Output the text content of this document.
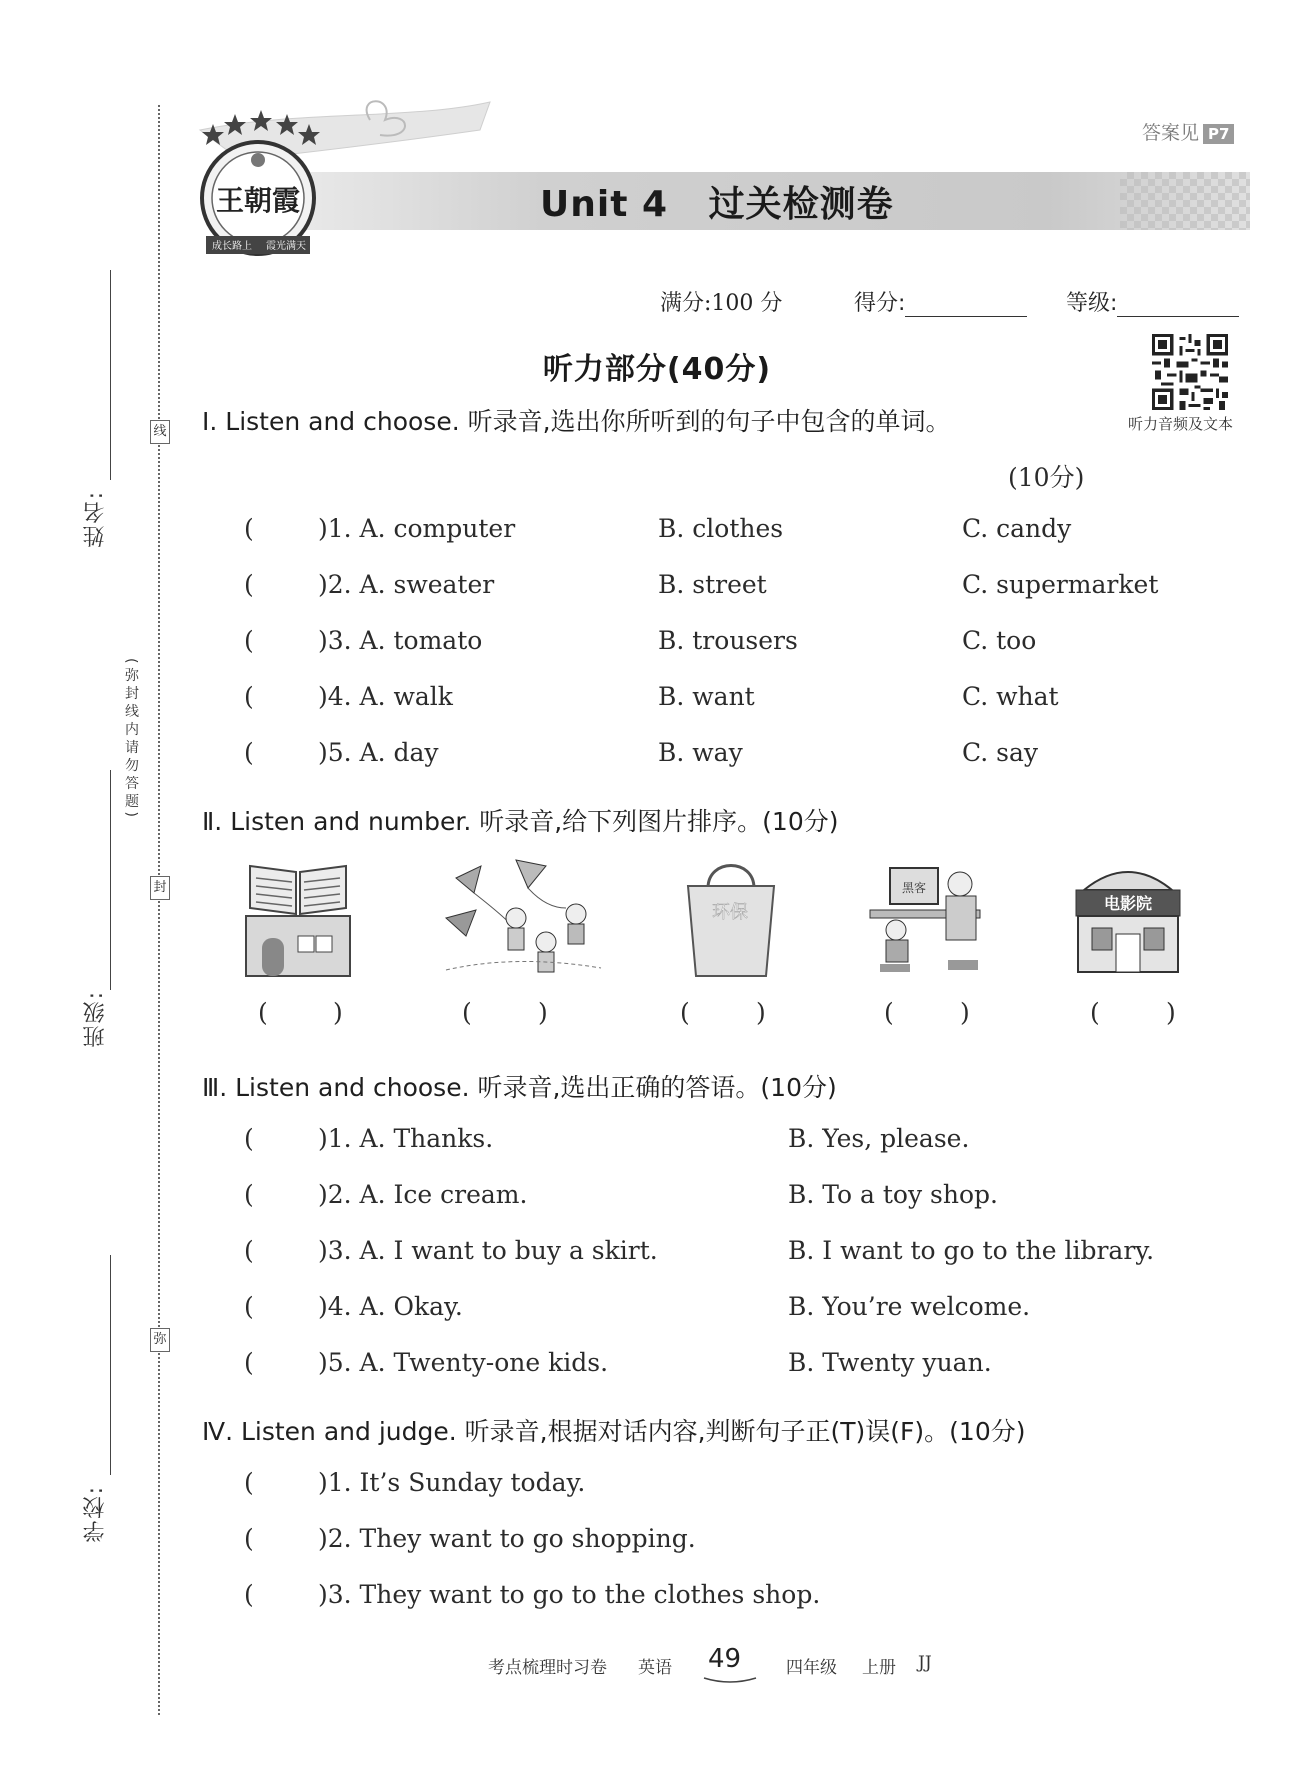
姓名:
班级:
学校:
线
封
弥
(弥封线内请勿答题)
Unit 4   过关检测卷
答案见 P7
王朝霞
成长路上 霞光满天
满分:100 分	得分:	等级:
听力部分(40分)
听力音频及文本
Ⅰ. Listen and choose. 听录音,选出你所听到的句子中包含的单词。
(10分)
(	)1. A. computer	B. clothes	C. candy
(	)2. A. sweater	B. street	C. supermarket
(	)3. A. tomato	B. trousers	C. too
(	)4. A. walk	B. want	C. what
(	)5. A. day	B. way	C. say
Ⅱ. Listen and number. 听录音,给下列图片排序。(10分)
环保
黑客
电影院
(	)	(	)	(	)	(	)	(	)
Ⅲ. Listen and choose. 听录音,选出正确的答语。(10分)
(	)1. A. Thanks.	B. Yes, please.
(	)2. A. Ice cream.	B. To a toy shop.
(	)3. A. I want to buy a skirt.	B. I want to go to the library.
(	)4. A. Okay.	B. You’re welcome.
(	)5. A. Twenty-one kids.	B. Twenty yuan.
Ⅳ. Listen and judge. 听录音,根据对话内容,判断句子正(T)误(F)。(10分)
(	)1. It’s Sunday today.
(	)2. They want to go shopping.
(	)3. They want to go to the clothes shop.
考点梳理时习卷 英语 49	四年级 上册 JJ
